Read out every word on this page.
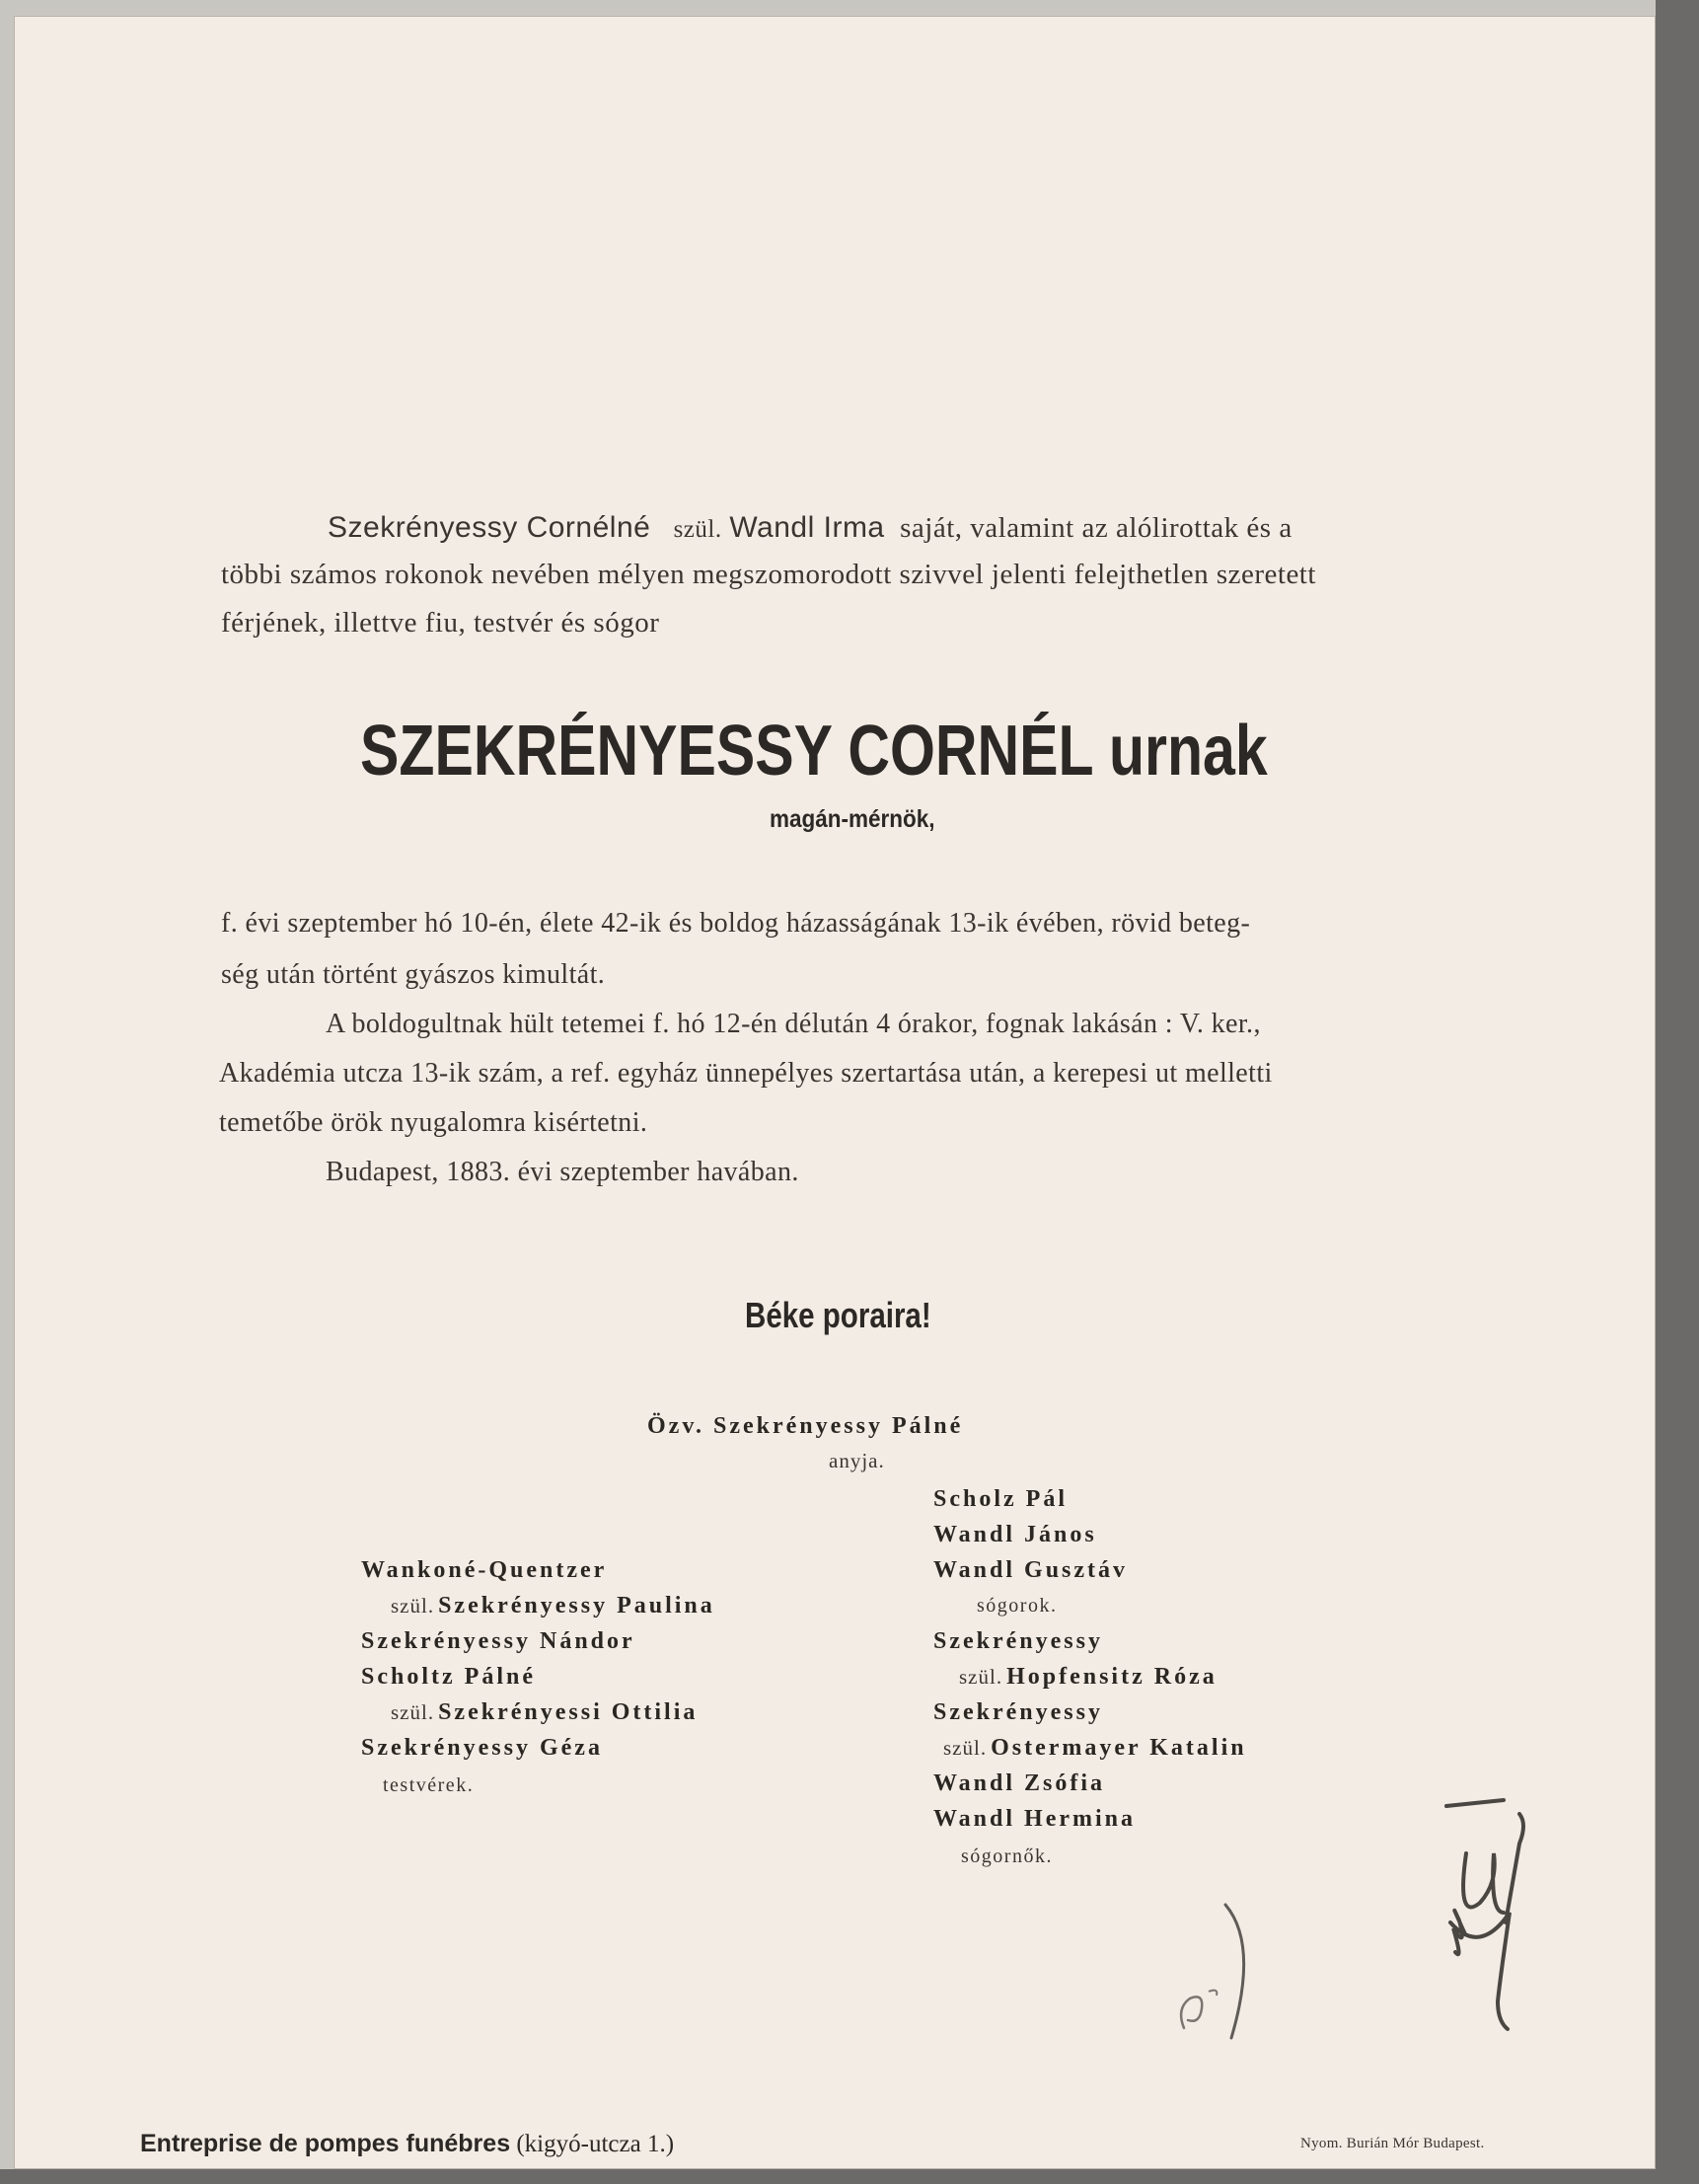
Szekrényessy Cornélné szül. Wandl Irma saját, valamint az alólirottak és a
többi számos rokonok nevében mélyen megszomorodott szivvel jelenti felejthetlen szeretett
férjének, illettve fiu, testvér és sógor
SZEKRÉNYESSY CORNÉL urnak
magán-mérnök,
f. évi szeptember hó 10-én, élete 42-ik és boldog házasságának 13-ik évében, rövid beteg-
ség után történt gyászos kimultát.
A boldogultnak hült tetemei f. hó 12-én délután 4 órakor, fognak lakásán : V. ker.,
Akadémia utcza 13-ik szám, a ref. egyház ünnepélyes szertartása után, a kerepesi ut melletti
temetőbe örök nyugalomra kisértetni.
Budapest, 1883. évi szeptember havában.
Béke poraira!
Özv. Szekrényessy Pálné
anyja.
Wankoné-Quentzer
szül. Szekrényessy Paulina
Szekrényessy Nándor
Scholtz Pálné
szül. Szekrényessi Ottilia
Szekrényessy Géza
testvérek.
Scholz Pál
Wandl János
Wandl Gusztáv
sógorok.
Szekrényessy
szül. Hopfensitz Róza
Szekrényessy
szül. Ostermayer Katalin
Wandl Zsófia
Wandl Hermina
sógornők.
Entreprise de pompes funébres (kigyó-utcza 1.)	Nyom. Burián Mór Budapest.
